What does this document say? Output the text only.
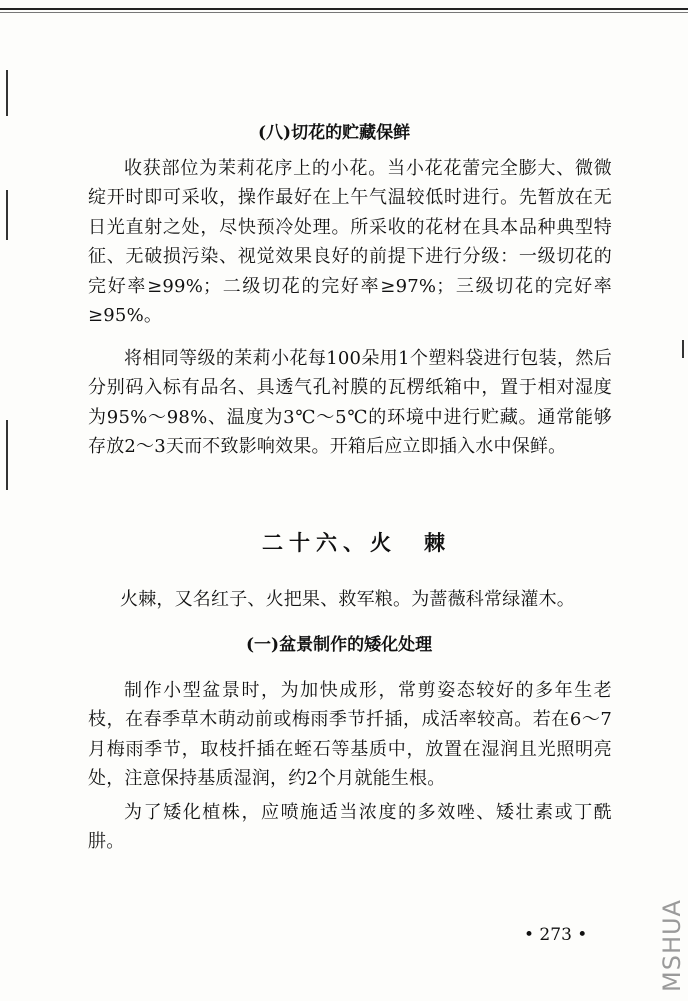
(八)切花的贮藏保鲜
收获部位为茉莉花序上的小花。当小花花蕾完全膨大、微微绽开时即可采收，操作最好在上午气温较低时进行。先暂放在无日光直射之处，尽快预冷处理。所采收的花材在具本品种典型特征、无破损污染、视觉效果良好的前提下进行分级：一级切花的完好率≥99%；二级切花的完好率≥97%；三级切花的完好率≥95%。
将相同等级的茉莉小花每100朵用1个塑料袋进行包装，然后分别码入标有品名、具透气孔衬膜的瓦楞纸箱中，置于相对湿度为95%～98%、温度为3℃～5℃的环境中进行贮藏。通常能够存放2～3天而不致影响效果。开箱后应立即插入水中保鲜。
二十六、火　棘
火棘，又名红子、火把果、救军粮。为蔷薇科常绿灌木。
(一)盆景制作的矮化处理
制作小型盆景时，为加快成形，常剪姿态较好的多年生老枝，在春季草木萌动前或梅雨季节扦插，成活率较高。若在6～7月梅雨季节，取枝扦插在蛭石等基质中，放置在湿润且光照明亮处，注意保持基质湿润，约2个月就能生根。
为了矮化植株，应喷施适当浓度的多效唑、矮壮素或丁酰肼。
• 273 •	MSHUA
